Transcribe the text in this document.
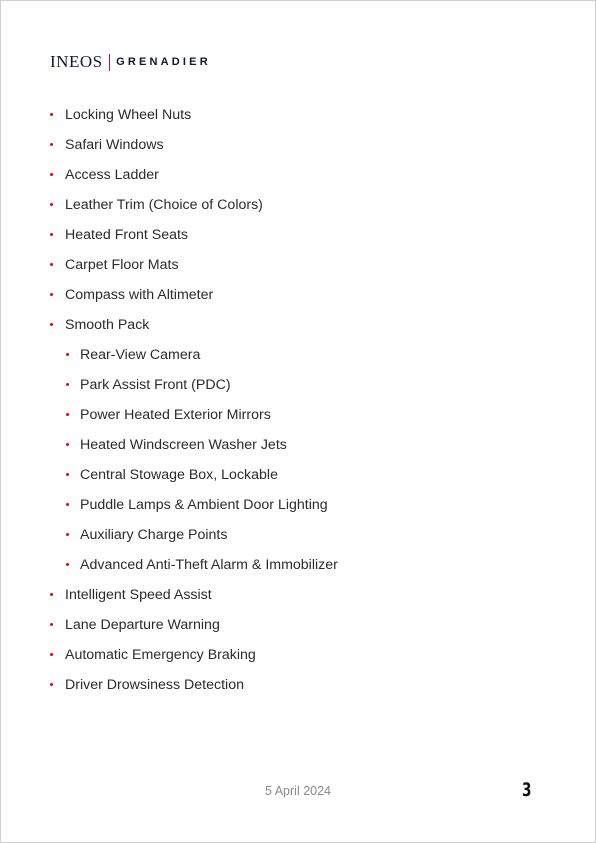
INEOS GRENADIER
Locking Wheel Nuts
Safari Windows
Access Ladder
Leather Trim (Choice of Colors)
Heated Front Seats
Carpet Floor Mats
Compass with Altimeter
Smooth Pack
Rear-View Camera
Park Assist Front (PDC)
Power Heated Exterior Mirrors
Heated Windscreen Washer Jets
Central Stowage Box, Lockable
Puddle Lamps & Ambient Door Lighting
Auxiliary Charge Points
Advanced Anti-Theft Alarm & Immobilizer
Intelligent Speed Assist
Lane Departure Warning
Automatic Emergency Braking
Driver Drowsiness Detection
5 April 2024	3
